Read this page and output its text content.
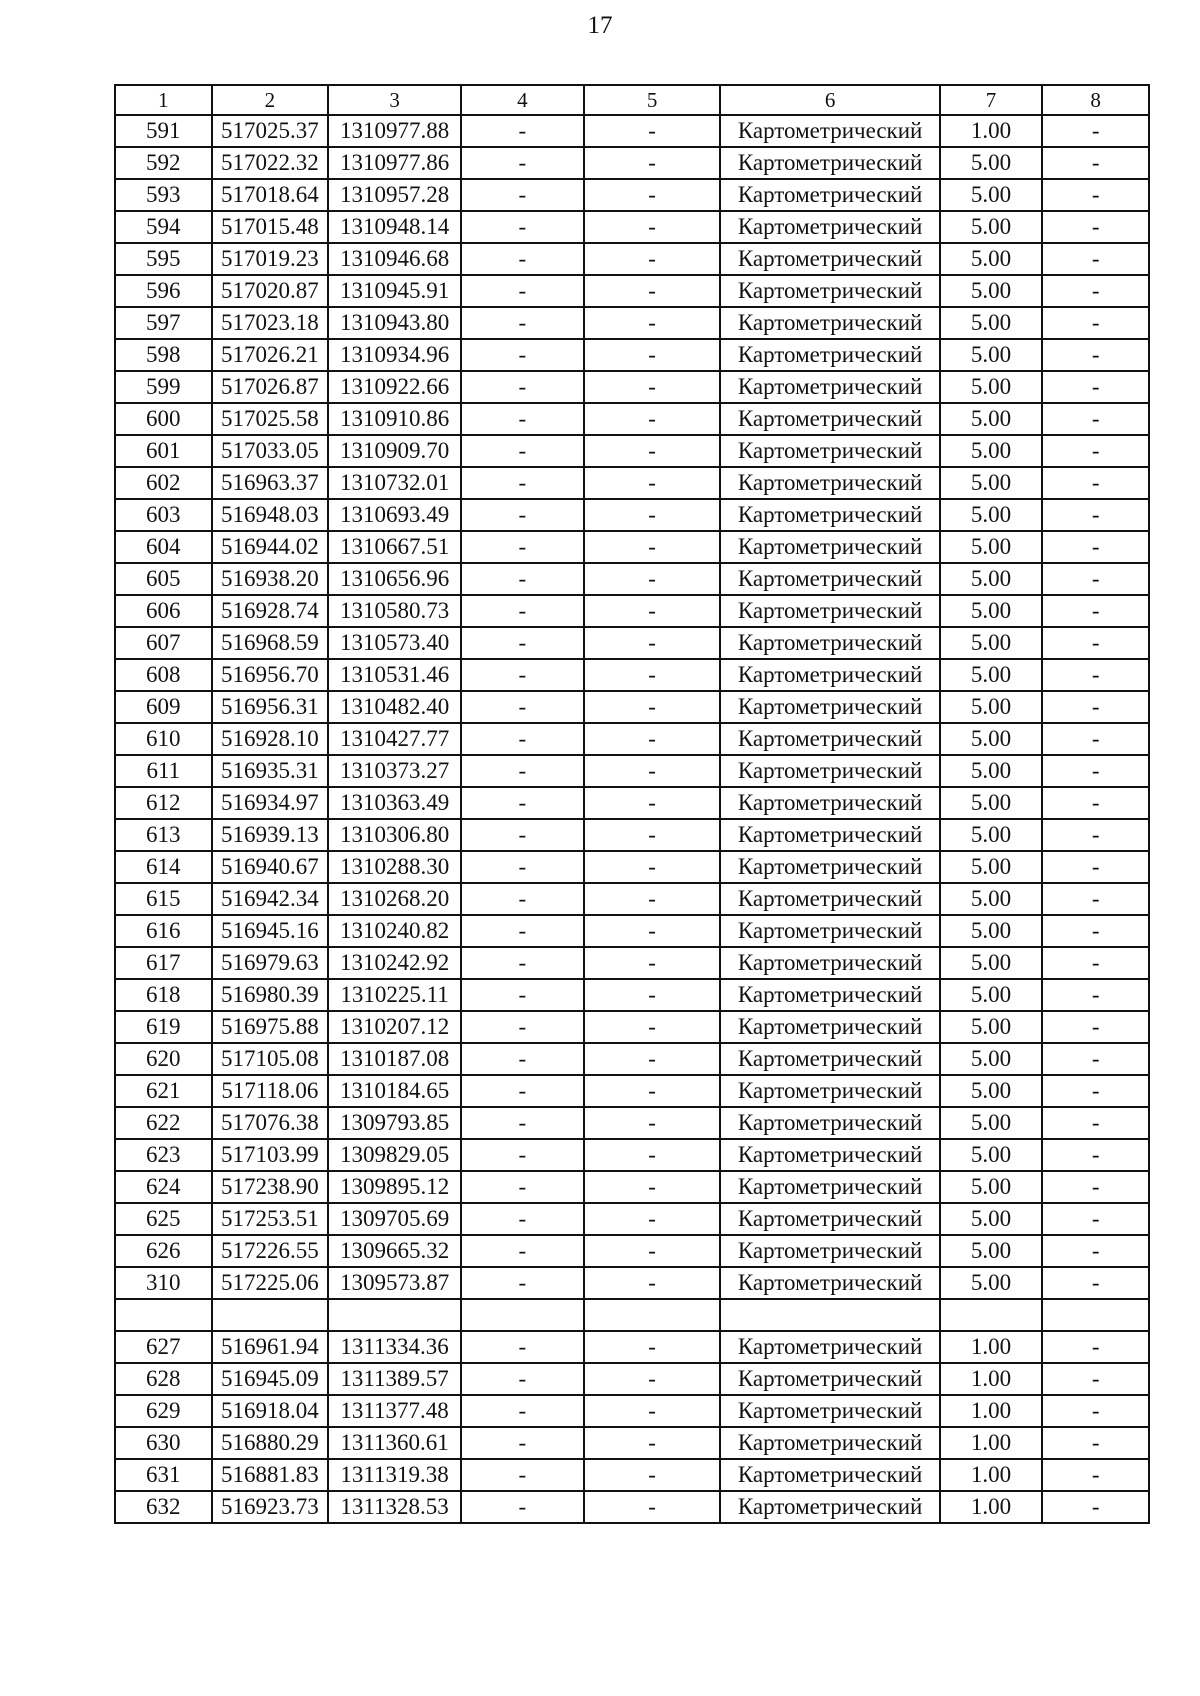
17
1	2	3	4	5	6	7	8
591	517025.37	1310977.88	-	-	Картометрический	1.00	-
592	517022.32	1310977.86	-	-	Картометрический	5.00	-
593	517018.64	1310957.28	-	-	Картометрический	5.00	-
594	517015.48	1310948.14	-	-	Картометрический	5.00	-
595	517019.23	1310946.68	-	-	Картометрический	5.00	-
596	517020.87	1310945.91	-	-	Картометрический	5.00	-
597	517023.18	1310943.80	-	-	Картометрический	5.00	-
598	517026.21	1310934.96	-	-	Картометрический	5.00	-
599	517026.87	1310922.66	-	-	Картометрический	5.00	-
600	517025.58	1310910.86	-	-	Картометрический	5.00	-
601	517033.05	1310909.70	-	-	Картометрический	5.00	-
602	516963.37	1310732.01	-	-	Картометрический	5.00	-
603	516948.03	1310693.49	-	-	Картометрический	5.00	-
604	516944.02	1310667.51	-	-	Картометрический	5.00	-
605	516938.20	1310656.96	-	-	Картометрический	5.00	-
606	516928.74	1310580.73	-	-	Картометрический	5.00	-
607	516968.59	1310573.40	-	-	Картометрический	5.00	-
608	516956.70	1310531.46	-	-	Картометрический	5.00	-
609	516956.31	1310482.40	-	-	Картометрический	5.00	-
610	516928.10	1310427.77	-	-	Картометрический	5.00	-
611	516935.31	1310373.27	-	-	Картометрический	5.00	-
612	516934.97	1310363.49	-	-	Картометрический	5.00	-
613	516939.13	1310306.80	-	-	Картометрический	5.00	-
614	516940.67	1310288.30	-	-	Картометрический	5.00	-
615	516942.34	1310268.20	-	-	Картометрический	5.00	-
616	516945.16	1310240.82	-	-	Картометрический	5.00	-
617	516979.63	1310242.92	-	-	Картометрический	5.00	-
618	516980.39	1310225.11	-	-	Картометрический	5.00	-
619	516975.88	1310207.12	-	-	Картометрический	5.00	-
620	517105.08	1310187.08	-	-	Картометрический	5.00	-
621	517118.06	1310184.65	-	-	Картометрический	5.00	-
622	517076.38	1309793.85	-	-	Картометрический	5.00	-
623	517103.99	1309829.05	-	-	Картометрический	5.00	-
624	517238.90	1309895.12	-	-	Картометрический	5.00	-
625	517253.51	1309705.69	-	-	Картометрический	5.00	-
626	517226.55	1309665.32	-	-	Картометрический	5.00	-
310	517225.06	1309573.87	-	-	Картометрический	5.00	-

627	516961.94	1311334.36	-	-	Картометрический	1.00	-
628	516945.09	1311389.57	-	-	Картометрический	1.00	-
629	516918.04	1311377.48	-	-	Картометрический	1.00	-
630	516880.29	1311360.61	-	-	Картометрический	1.00	-
631	516881.83	1311319.38	-	-	Картометрический	1.00	-
632	516923.73	1311328.53	-	-	Картометрический	1.00	-
